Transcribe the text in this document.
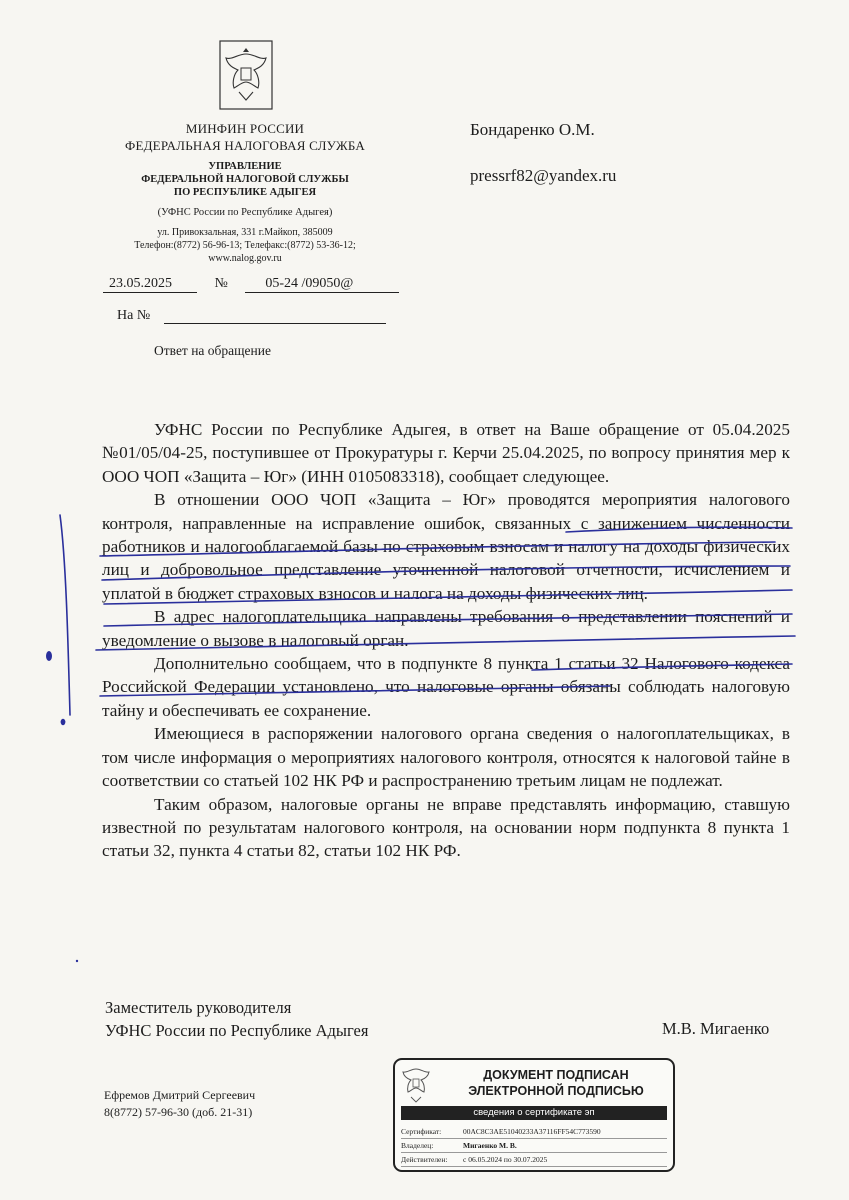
МИНФИН РОССИИ
ФЕДЕРАЛЬНАЯ НАЛОГОВАЯ СЛУЖБА
УПРАВЛЕНИЕ
ФЕДЕРАЛЬНОЙ НАЛОГОВОЙ СЛУЖБЫ
ПО РЕСПУБЛИКЕ АДЫГЕЯ
(УФНС России по Республике Адыгея)
ул. Привокзальная, 331 г.Майкоп, 385009
Телефон:(8772) 56-96-13; Телефакс:(8772) 53-36-12;
www.nalog.gov.ru
23.05.2025	№	05-24 /09050@
На №
Ответ на обращение
Бондаренко О.М.
pressrf82@yandex.ru

УФНС России по Республике Адыгея, в ответ на Ваше обращение от 05.04.2025 №01/05/04-25, поступившее от Прокуратуры г. Керчи 25.04.2025, по вопросу принятия мер к ООО ЧОП «Защита – Юг» (ИНН 0105083318), сообщает следующее.

В отношении ООО ЧОП «Защита – Юг» проводятся мероприятия налогового контроля, направленные на исправление ошибок, связанных с занижением численности работников и налогооблагаемой базы по страховым взносам и налогу на доходы физических лиц и добровольное представление уточненной налоговой отчетности, исчислением и уплатой в бюджет страховых взносов и налога на доходы физических лиц.

В адрес налогоплательщика направлены требования о представлении пояснений и уведомление о вызове в налоговый орган.

Дополнительно сообщаем, что в подпункте 8 пункта 1 статьи 32 Налогового кодекса Российской Федерации установлено, что налоговые органы обязаны соблюдать налоговую тайну и обеспечивать ее сохранение.

Имеющиеся в распоряжении налогового органа сведения о налогоплательщиках, в том числе информация о мероприятиях налогового контроля, относятся к налоговой тайне в соответствии со статьей 102 НК РФ и распространению третьим лицам не подлежат.

Таким образом, налоговые органы не вправе представлять информацию, ставшую известной по результатам налогового контроля, на основании норм подпункта 8 пункта 1 статьи 32, пункта 4 статьи 82, статьи 102 НК РФ.

Заместитель руководителя
УФНС России по Республике Адыгея	М.В. Мигаенко
Ефремов Дмитрий Сергеевич
8(8772) 57-96-30 (доб. 21-31)
ДОКУМЕНТ ПОДПИСАН
ЭЛЕКТРОННОЙ ПОДПИСЬЮ
сведения о сертификате эп
Сертификат:	00AC8C3AE51040233A37116FF54C773590
Владелец:	Мигаенко М. В.
Действителен:	с 06.05.2024 по 30.07.2025
